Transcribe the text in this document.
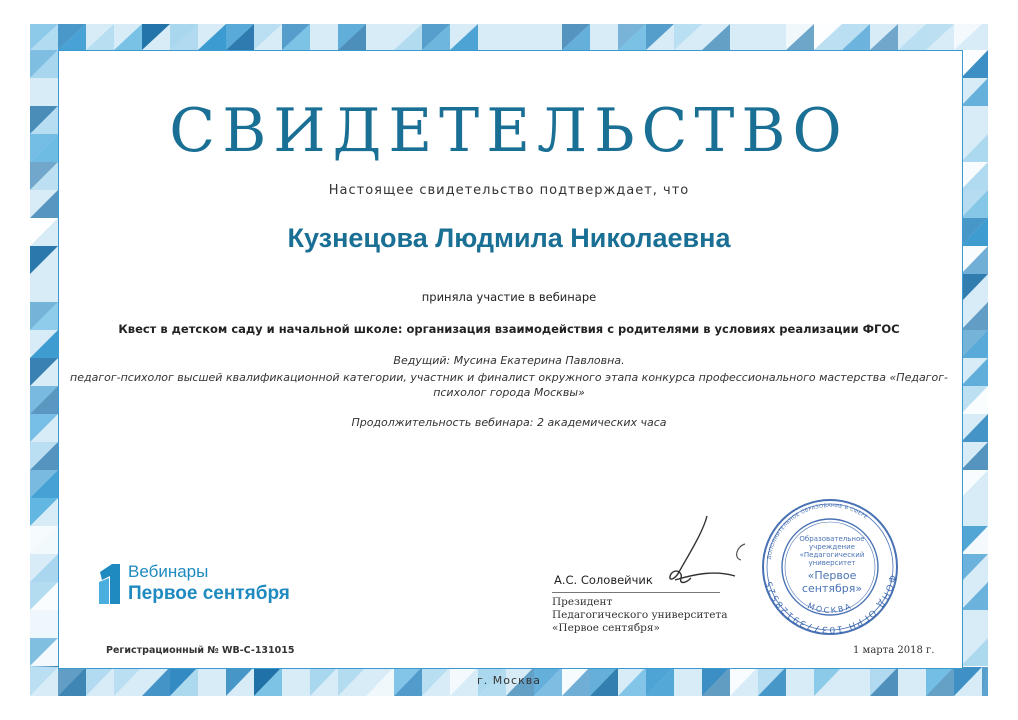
СВИДЕТЕЛЬСТВО
Настоящее свидетельство подтверждает, что
Кузнецова Людмила Николаевна
приняла участие в вебинаре
Квест в детском саду и начальной школе: организация взаимодействия с родителями в условиях реализации ФГОС
Ведущий: Мусина Екатерина Павловна.
педагог-психолог высшей квалификационной категории, участник и финалист окружного этапа конкурса профессионального мастерства «Педагог-психолог города Москвы»
Продолжительность вебинара: 2 академических часа
Вебинары
Первое сентября
А.С. Соловейчик
Президент
Педагогического университета
«Первое сентября»
ФОНД ОГРН 1037739128525
ДОПОЛНИТЕЛЬНОЕ ОБРАЗОВАНИЕ В СФЕРЕ
МОСКВА
Образовательное
учреждение
«Педагогический
университет
«Первое
сентября»
Регистрационный № WB-C-131015	1 марта 2018 г.
г. Москва
